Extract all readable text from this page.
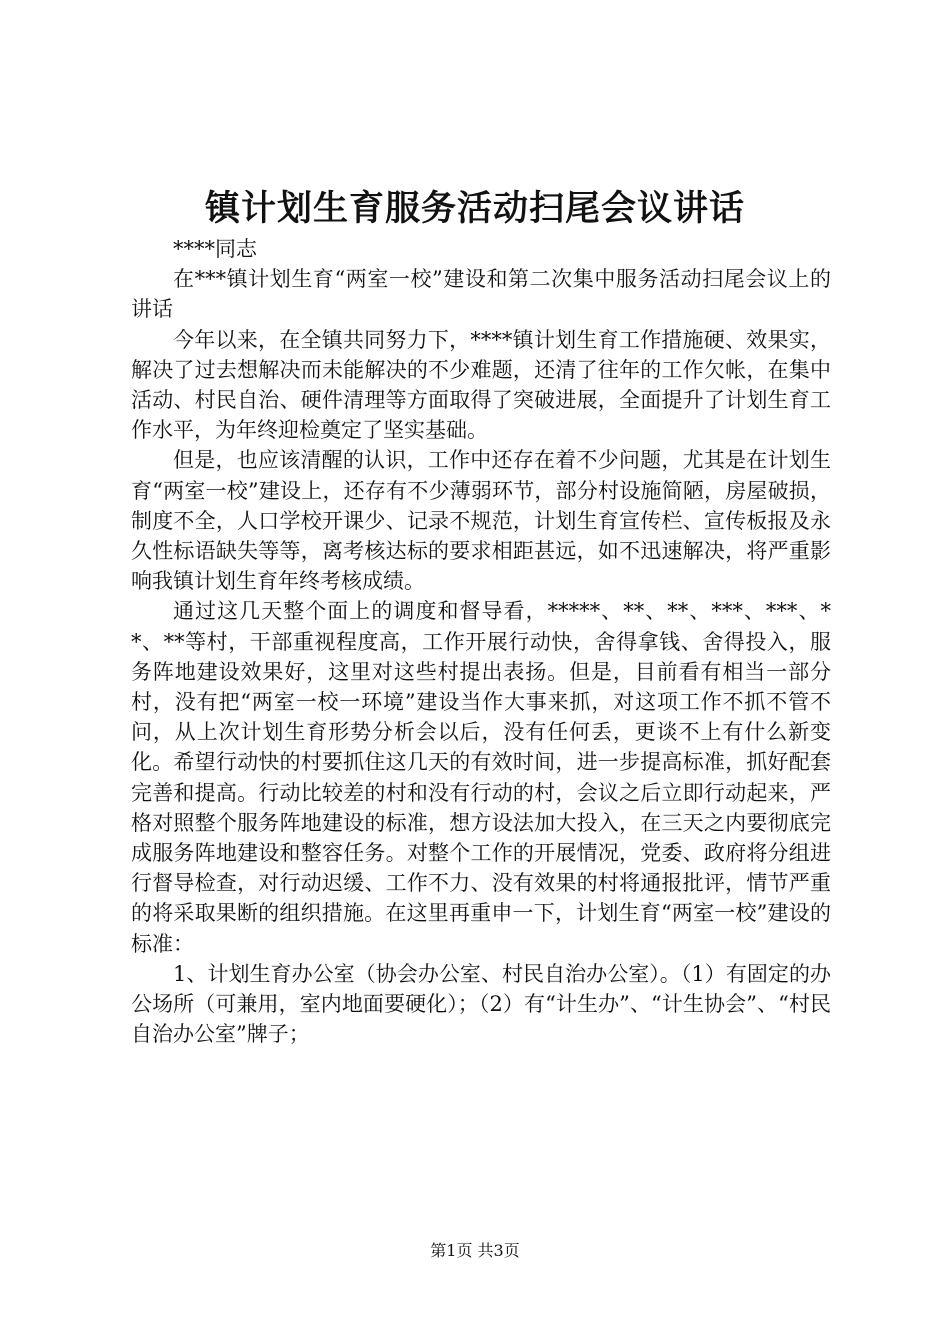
镇计划生育服务活动扫尾会议讲话

****同志

在***镇计划生育“两室一校”建设和第二次集中服务活动扫尾会议上的讲话

今年以来，在全镇共同努力下，****镇计划生育工作措施硬、效果实，解决了过去想解决而未能解决的不少难题，还清了往年的工作欠帐，在集中活动、村民自治、硬件清理等方面取得了突破进展，全面提升了计划生育工作水平，为年终迎检奠定了坚实基础。

但是，也应该清醒的认识，工作中还存在着不少问题，尤其是在计划生育“两室一校”建设上，还存有不少薄弱环节，部分村设施简陋，房屋破损，制度不全，人口学校开课少、记录不规范，计划生育宣传栏、宣传板报及永久性标语缺失等等，离考核达标的要求相距甚远，如不迅速解决，将严重影响我镇计划生育年终考核成绩。

通过这几天整个面上的调度和督导看，*****、**、**、***、***、**、**等村，干部重视程度高，工作开展行动快，舍得拿钱、舍得投入，服务阵地建设效果好，这里对这些村提出表扬。但是，目前看有相当一部分村，没有把“两室一校一环境”建设当作大事来抓，对这项工作不抓不管不问，从上次计划生育形势分析会以后，没有任何丢，更谈不上有什么新变化。希望行动快的村要抓住这几天的有效时间，进一步提高标准，抓好配套完善和提高。行动比较差的村和没有行动的村，会议之后立即行动起来，严格对照整个服务阵地建设的标准，想方设法加大投入，在三天之内要彻底完成服务阵地建设和整容任务。对整个工作的开展情况，党委、政府将分组进行督导检查，对行动迟缓、工作不力、没有效果的村将通报批评，情节严重的将采取果断的组织措施。在这里再重申一下，计划生育“两室一校”建设的标准：

1、计划生育办公室（协会办公室、村民自治办公室）。（1）有固定的办公场所（可兼用，室内地面要硬化）；（2）有“计生办”、“计生协会”、“村民自治办公室”牌子；

第1页 共3页
